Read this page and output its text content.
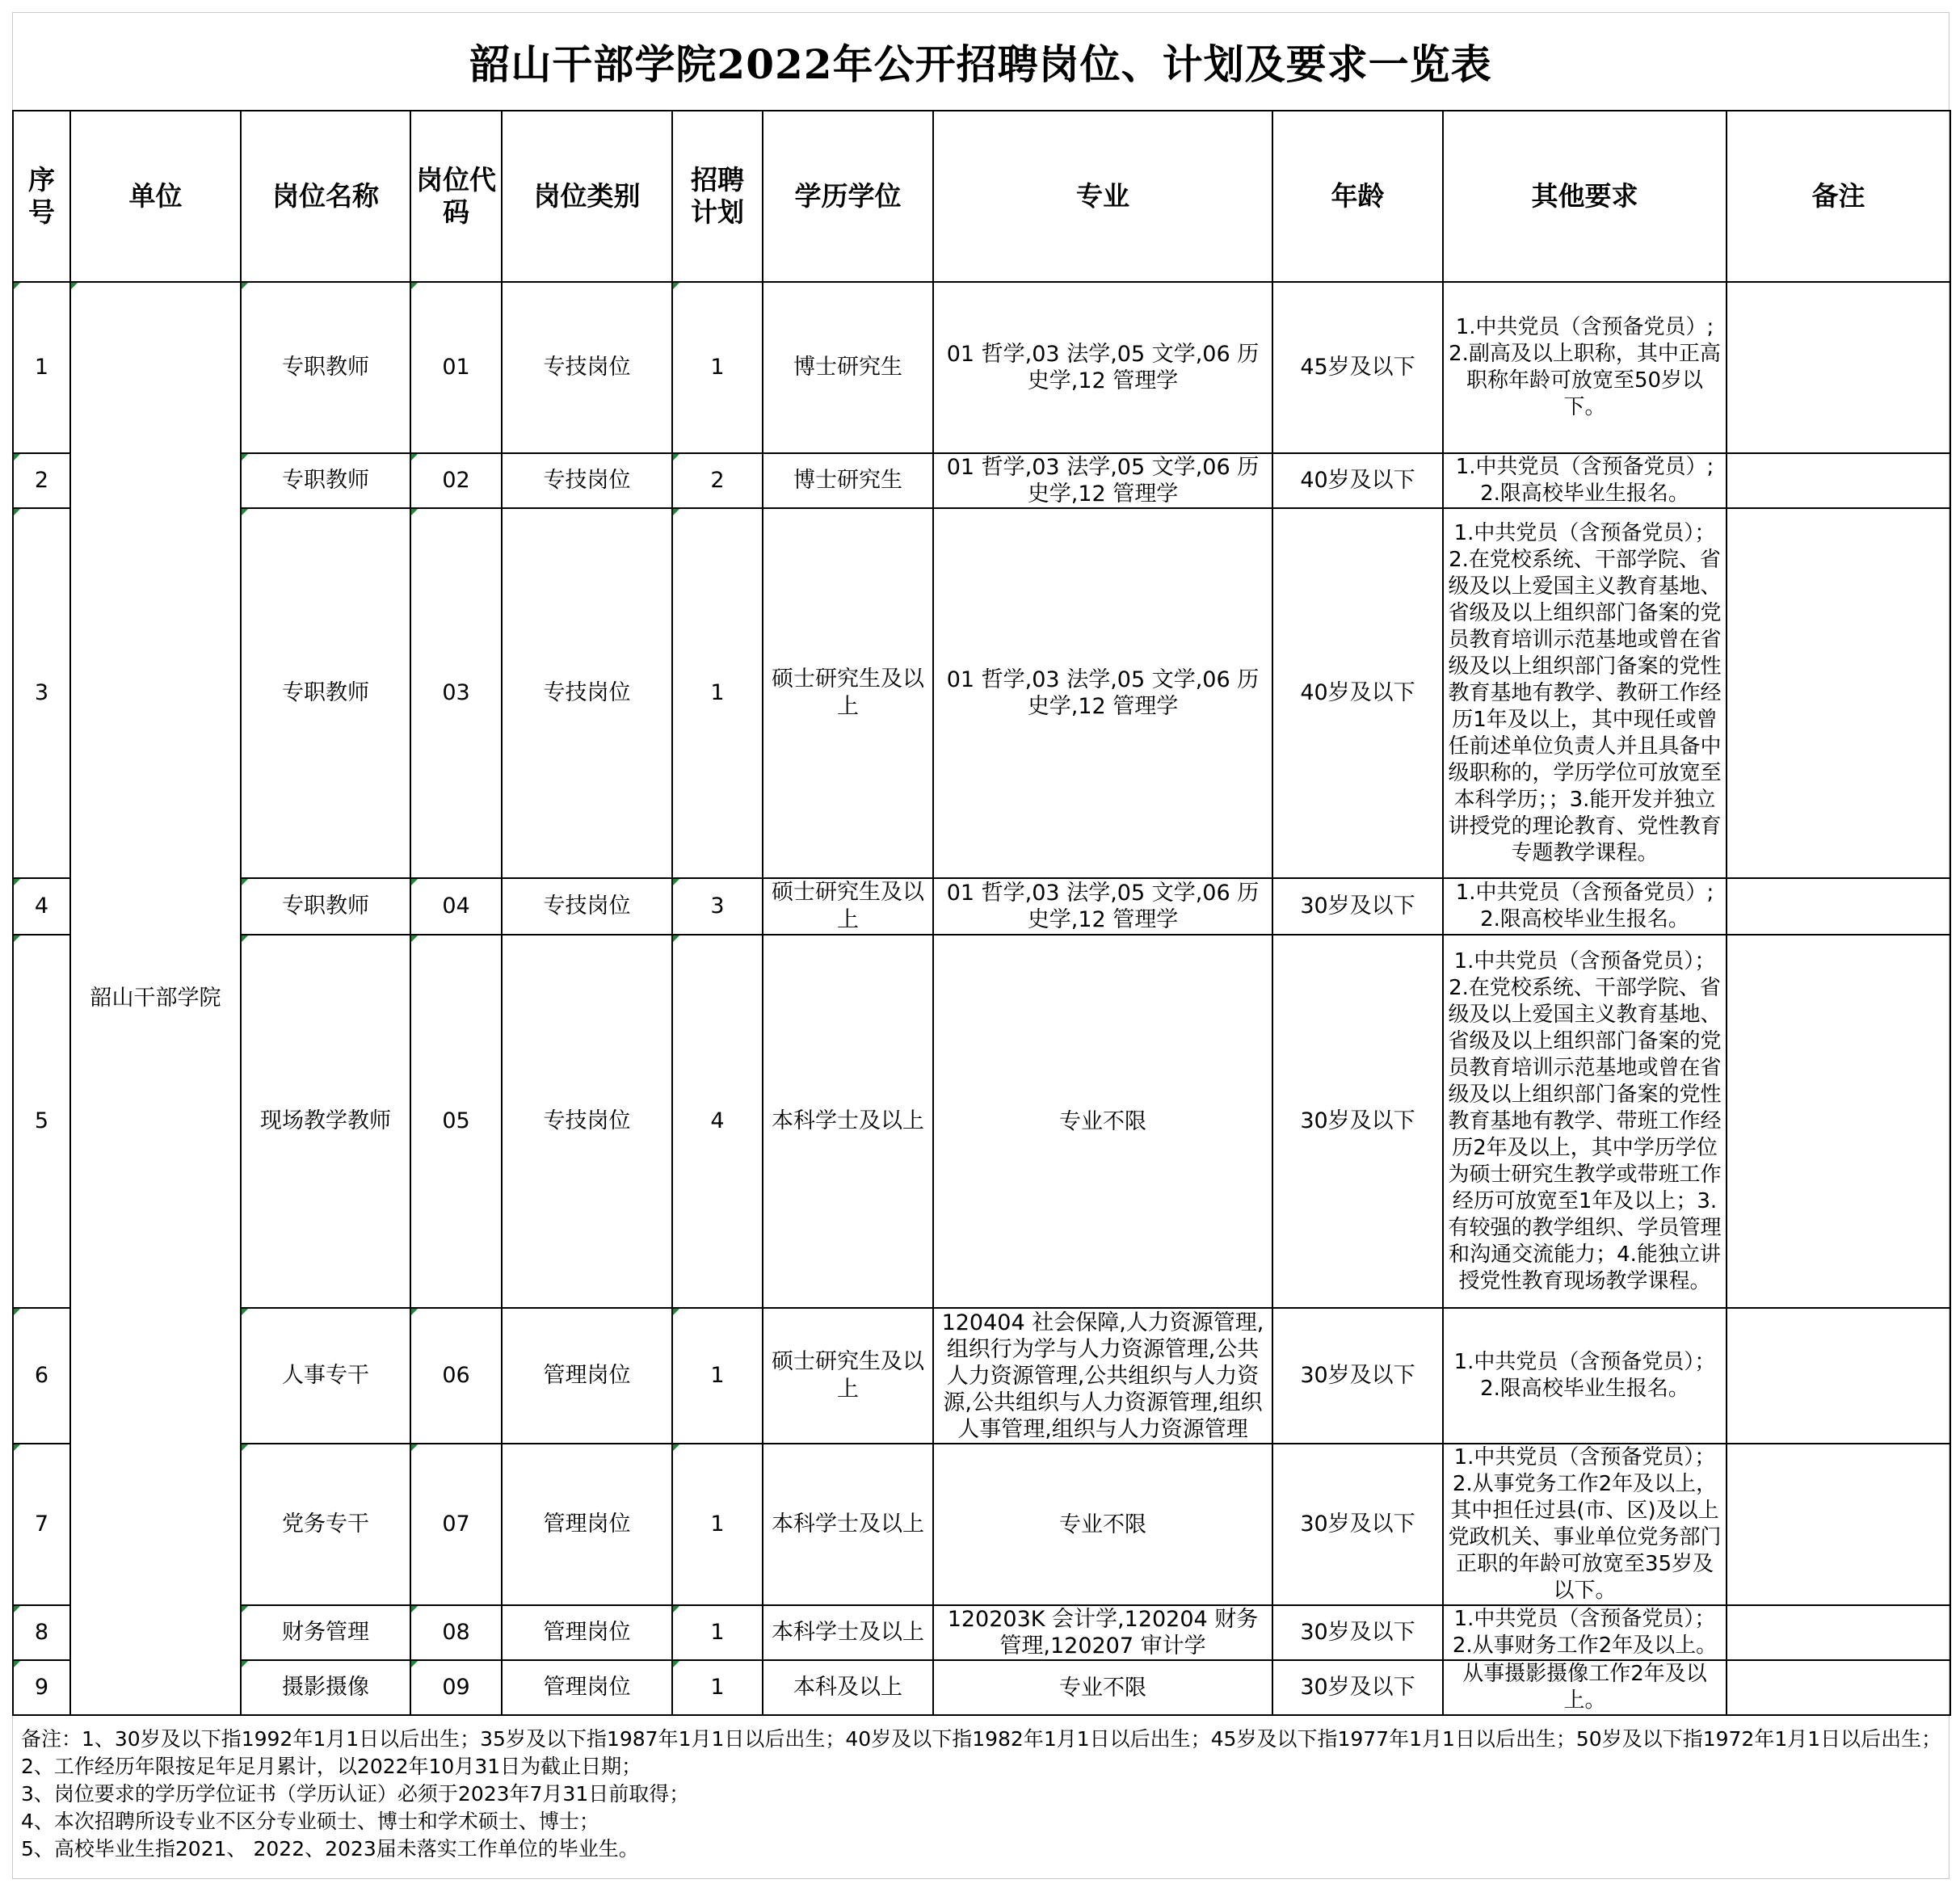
韶山干部学院2022年公开招聘岗位、计划及要求一览表
序号	单位	岗位名称	岗位代码	岗位类别	招聘计划	学历学位	专业	年龄	其他要求	备注
1	韶山干部学院	专职教师	01	专技岗位	1	博士研究生	01 哲学,03 法学,05 文学,06 历史学,12 管理学	45岁及以下	1.中共党员（含预备党员）;2.副高及以上职称，其中正高职称年龄可放宽至50岁以下。	
2		专职教师	02	专技岗位	2	博士研究生	01 哲学,03 法学,05 文学,06 历史学,12 管理学	40岁及以下	1.中共党员（含预备党员）;2.限高校毕业生报名。	
3		专职教师	03	专技岗位	1	硕士研究生及以上	01 哲学,03 法学,05 文学,06 历史学,12 管理学	40岁及以下	1.中共党员（含预备党员）；2.在党校系统、干部学院、省级及以上爱国主义教育基地、省级及以上组织部门备案的党员教育培训示范基地或曾在省级及以上组织部门备案的党性教育基地有教学、教研工作经历1年及以上，其中现任或曾任前述单位负责人并且具备中级职称的，学历学位可放宽至本科学历；；3.能开发并独立讲授党的理论教育、党性教育专题教学课程。	
4		专职教师	04	专技岗位	3	硕士研究生及以上	01 哲学,03 法学,05 文学,06 历史学,12 管理学	30岁及以下	1.中共党员（含预备党员）;2.限高校毕业生报名。	
5		现场教学教师	05	专技岗位	4	本科学士及以上	专业不限	30岁及以下	1.中共党员（含预备党员）；2.在党校系统、干部学院、省级及以上爱国主义教育基地、省级及以上组织部门备案的党员教育培训示范基地或曾在省级及以上组织部门备案的党性教育基地有教学、带班工作经历2年及以上，其中学历学位为硕士研究生教学或带班工作经历可放宽至1年及以上；3.有较强的教学组织、学员管理和沟通交流能力；4.能独立讲授党性教育现场教学课程。	
6		人事专干	06	管理岗位	1	硕士研究生及以上	120404 社会保障,人力资源管理,组织行为学与人力资源管理,公共人力资源管理,公共组织与人力资源,公共组织与人力资源管理,组织人事管理,组织与人力资源管理	30岁及以下	1.中共党员（含预备党员）；2.限高校毕业生报名。	
7		党务专干	07	管理岗位	1	本科学士及以上	专业不限	30岁及以下	1.中共党员（含预备党员）；2.从事党务工作2年及以上，其中担任过县(市、区)及以上党政机关、事业单位党务部门正职的年龄可放宽至35岁及以下。	
8		财务管理	08	管理岗位	1	本科学士及以上	120203K 会计学,120204 财务管理,120207 审计学	30岁及以下	1.中共党员（含预备党员）；2.从事财务工作2年及以上。	
9		摄影摄像	09	管理岗位	1	本科及以上	专业不限	30岁及以下	从事摄影摄像工作2年及以上。	
备注：1、30岁及以下指1992年1月1日以后出生；35岁及以下指1987年1月1日以后出生；40岁及以下指1982年1月1日以后出生；45岁及以下指1977年1月1日以后出生；50岁及以下指1972年1月1日以后出生；
2、工作经历年限按足年足月累计，以2022年10月31日为截止日期；
3、岗位要求的学历学位证书（学历认证）必须于2023年7月31日前取得；
4、本次招聘所设专业不区分专业硕士、博士和学术硕士、博士；
5、高校毕业生指2021、 2022、2023届未落实工作单位的毕业生。
